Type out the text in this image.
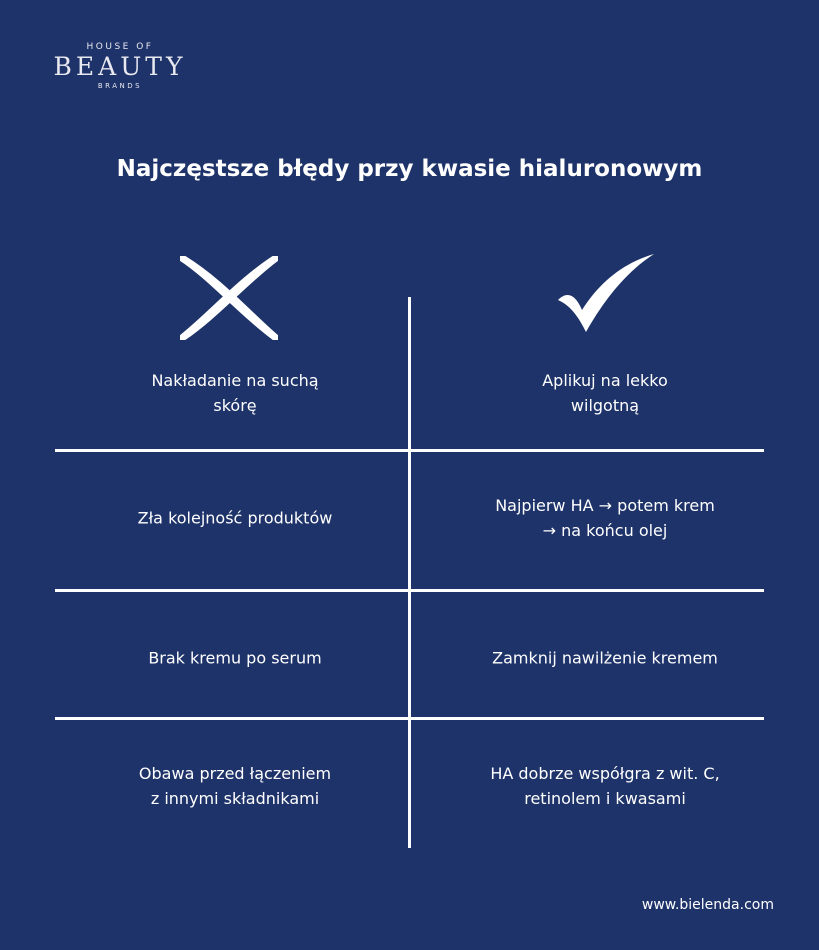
HOUSE OF
BEAUTY
BRANDS
Najczęstsze błędy przy kwasie hialuronowym
Nakładanie na suchą
skórę
Aplikuj na lekko
wilgotną
Zła kolejność produktów
Najpierw HA → potem krem
→ na końcu olej
Brak kremu po serum	Zamknij nawilżenie kremem
Obawa przed łączeniem
z innymi składnikami
HA dobrze współgra z wit. C,
retinolem i kwasami
www.bielenda.com
